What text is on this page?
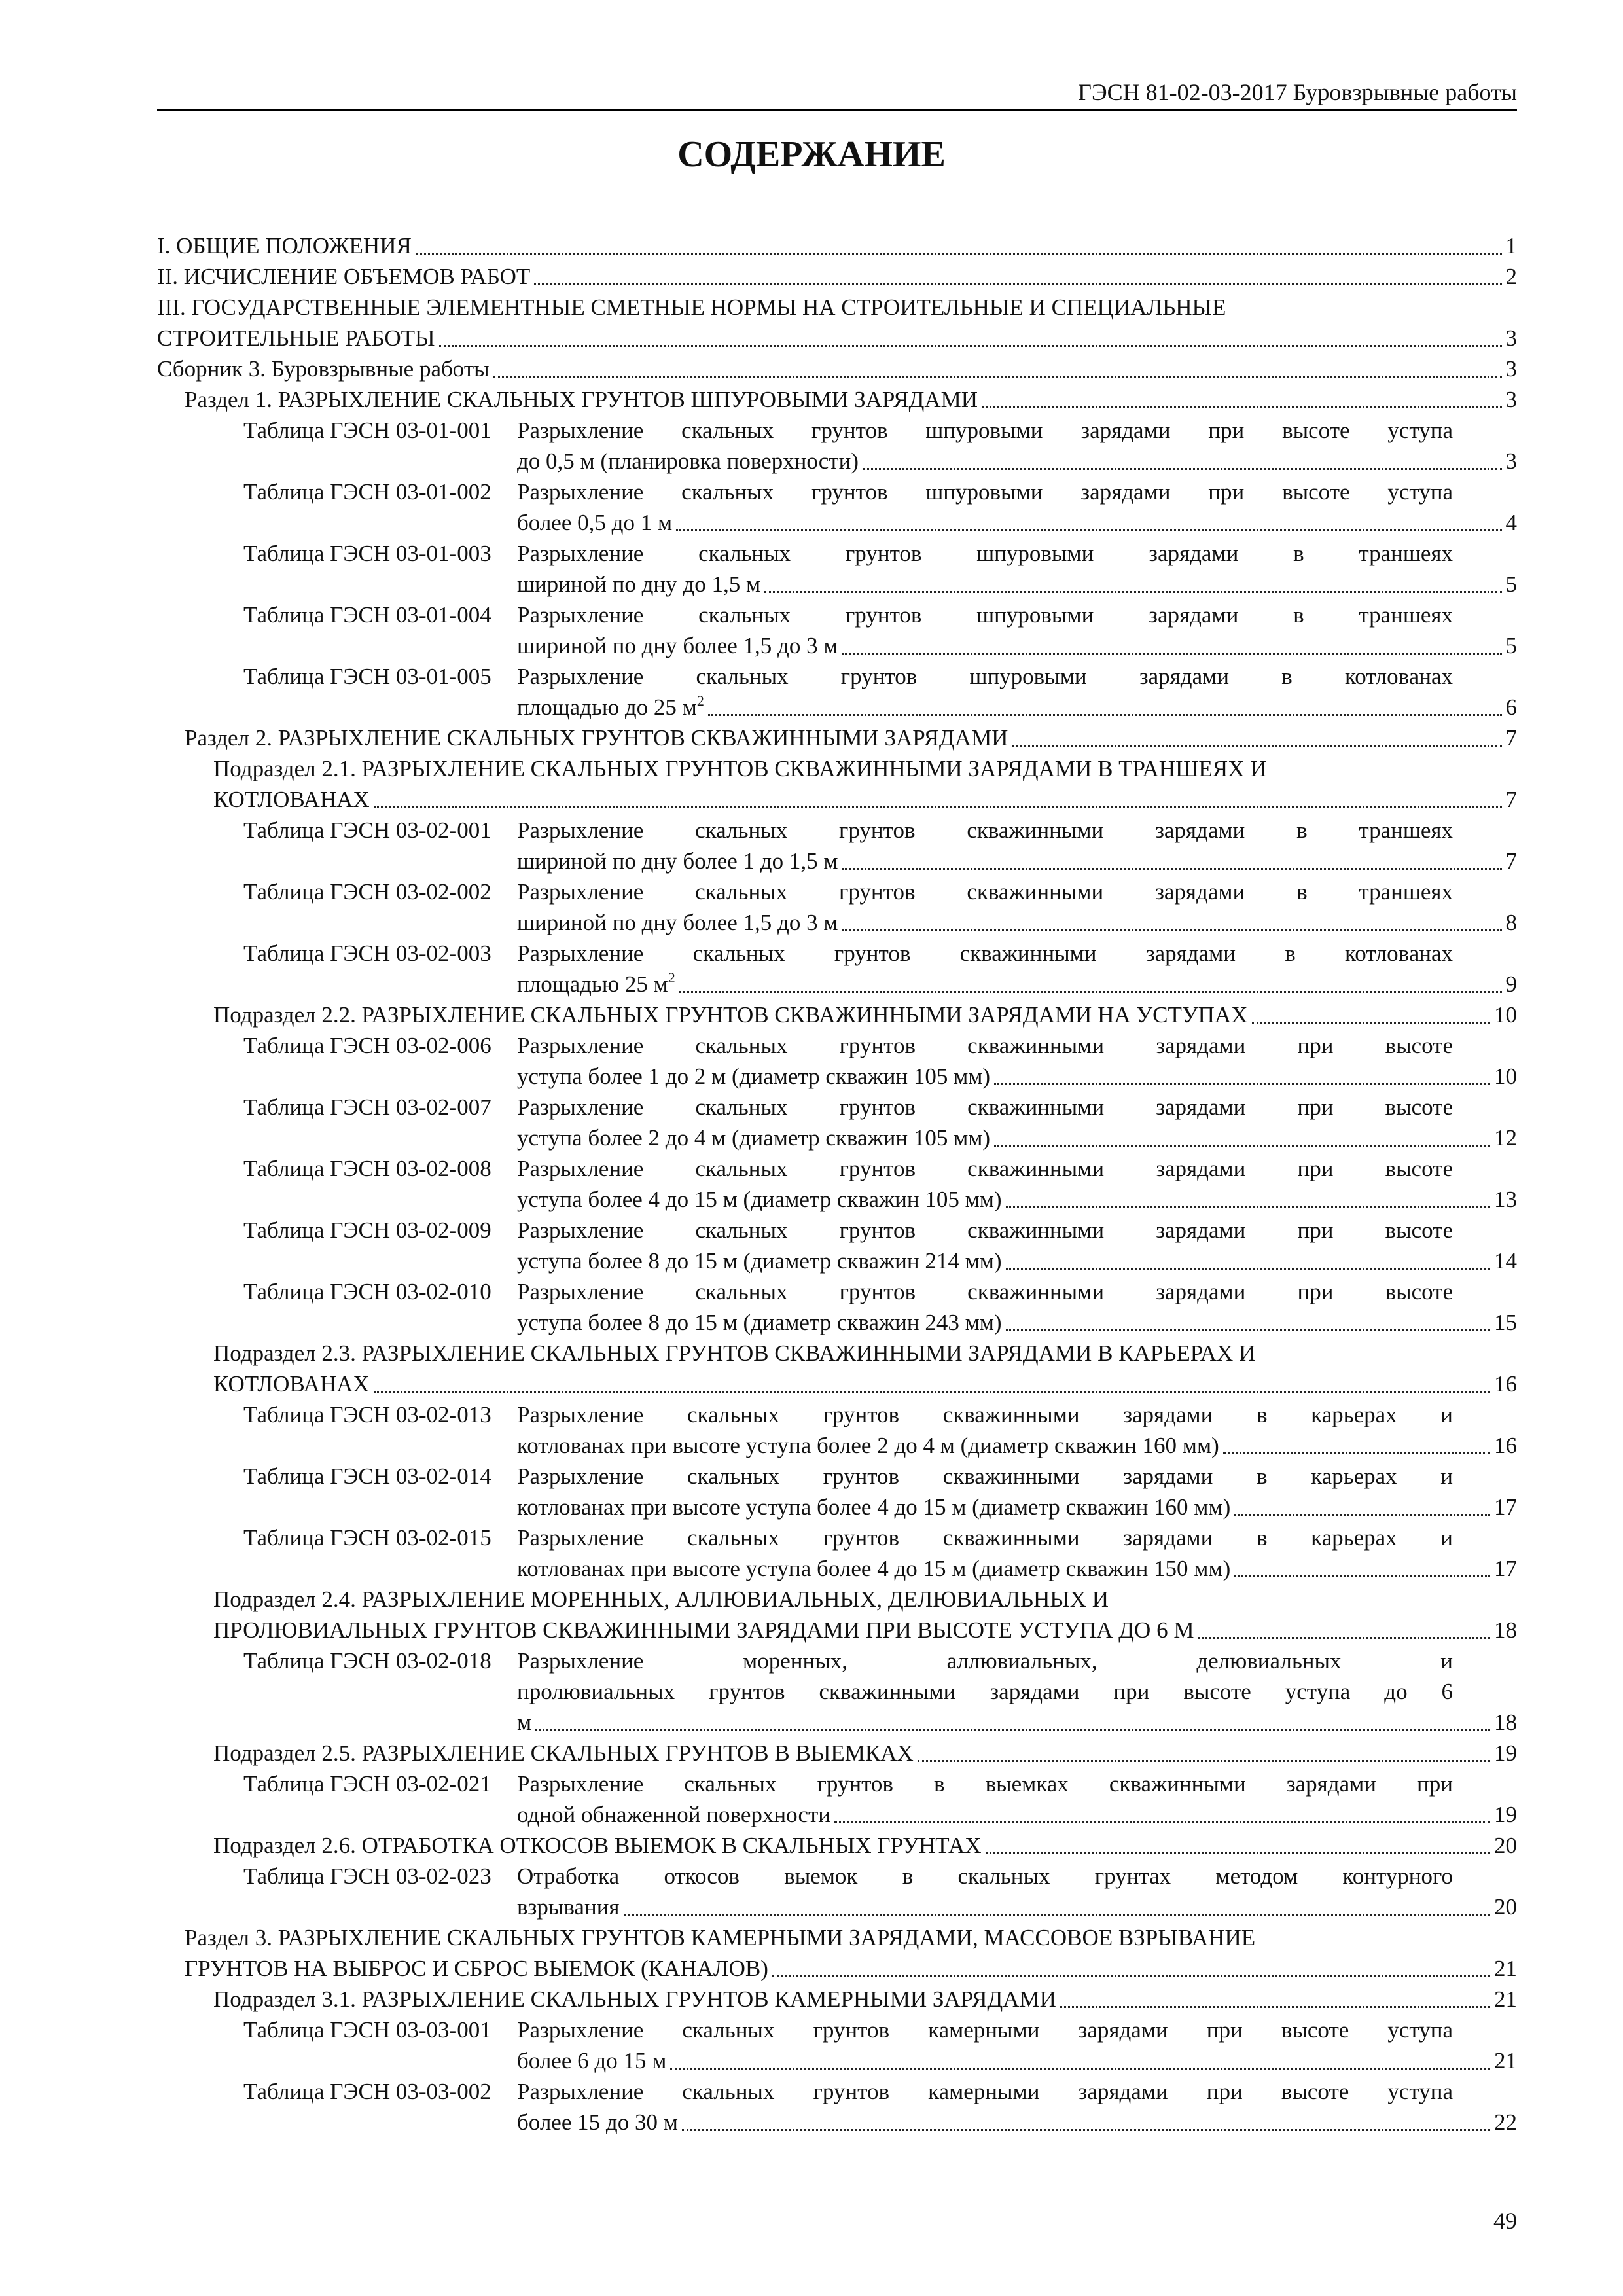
ГЭСН 81-02-03-2017 Буровзрывные работы
СОДЕРЖАНИЕ
I. ОБЩИЕ ПОЛОЖЕНИЯ	1
II. ИСЧИСЛЕНИЕ ОБЪЕМОВ РАБОТ	2
III. ГОСУДАРСТВЕННЫЕ ЭЛЕМЕНТНЫЕ СМЕТНЫЕ НОРМЫ НА СТРОИТЕЛЬНЫЕ И СПЕЦИАЛЬНЫЕ
СТРОИТЕЛЬНЫЕ РАБОТЫ	3
Сборник 3. Буровзрывные работы	3
Раздел 1. РАЗРЫХЛЕНИЕ СКАЛЬНЫХ ГРУНТОВ ШПУРОВЫМИ ЗАРЯДАМИ	3
Таблица ГЭСН 03-01-001	Разрыхление скальных грунтов шпуровыми зарядами при высоте уступа
до 0,5 м (планировка поверхности)	3
Таблица ГЭСН 03-01-002	Разрыхление скальных грунтов шпуровыми зарядами при высоте уступа
более 0,5 до 1 м	4
Таблица ГЭСН 03-01-003	Разрыхление скальных грунтов шпуровыми зарядами в траншеях
шириной по дну до 1,5 м	5
Таблица ГЭСН 03-01-004	Разрыхление скальных грунтов шпуровыми зарядами в траншеях
шириной по дну более 1,5 до 3 м	5
Таблица ГЭСН 03-01-005	Разрыхление скальных грунтов шпуровыми зарядами в котлованах
площадью до 25 $м^2$	6
Раздел 2. РАЗРЫХЛЕНИЕ СКАЛЬНЫХ ГРУНТОВ СКВАЖИННЫМИ ЗАРЯДАМИ	7
Подраздел 2.1. РАЗРЫХЛЕНИЕ СКАЛЬНЫХ ГРУНТОВ СКВАЖИННЫМИ ЗАРЯДАМИ В ТРАНШЕЯХ И
КОТЛОВАНАХ	7
Таблица ГЭСН 03-02-001	Разрыхление скальных грунтов скважинными зарядами в траншеях
шириной по дну более 1 до 1,5 м	7
Таблица ГЭСН 03-02-002	Разрыхление скальных грунтов скважинными зарядами в траншеях
шириной по дну более 1,5 до 3 м	8
Таблица ГЭСН 03-02-003	Разрыхление скальных грунтов скважинными зарядами в котлованах
площадью 25 $м^2$	9
Подраздел 2.2. РАЗРЫХЛЕНИЕ СКАЛЬНЫХ ГРУНТОВ СКВАЖИННЫМИ ЗАРЯДАМИ НА УСТУПАХ	10
Таблица ГЭСН 03-02-006	Разрыхление скальных грунтов скважинными зарядами при высоте
уступа более 1 до 2 м (диаметр скважин 105 мм)	10
Таблица ГЭСН 03-02-007	Разрыхление скальных грунтов скважинными зарядами при высоте
уступа более 2 до 4 м (диаметр скважин 105 мм)	12
Таблица ГЭСН 03-02-008	Разрыхление скальных грунтов скважинными зарядами при высоте
уступа более 4 до 15 м (диаметр скважин 105 мм)	13
Таблица ГЭСН 03-02-009	Разрыхление скальных грунтов скважинными зарядами при высоте
уступа более 8 до 15 м (диаметр скважин 214 мм)	14
Таблица ГЭСН 03-02-010	Разрыхление скальных грунтов скважинными зарядами при высоте
уступа более 8 до 15 м (диаметр скважин 243 мм)	15
Подраздел 2.3. РАЗРЫХЛЕНИЕ СКАЛЬНЫХ ГРУНТОВ СКВАЖИННЫМИ ЗАРЯДАМИ В КАРЬЕРАХ И
КОТЛОВАНАХ	16
Таблица ГЭСН 03-02-013	Разрыхление скальных грунтов скважинными зарядами в карьерах и
котлованах при высоте уступа более 2 до 4 м (диаметр скважин 160 мм)	16
Таблица ГЭСН 03-02-014	Разрыхление скальных грунтов скважинными зарядами в карьерах и
котлованах при высоте уступа более 4 до 15 м (диаметр скважин 160 мм)	17
Таблица ГЭСН 03-02-015	Разрыхление скальных грунтов скважинными зарядами в карьерах и
котлованах при высоте уступа более 4 до 15 м (диаметр скважин 150 мм)	17
Подраздел 2.4. РАЗРЫХЛЕНИЕ МОРЕННЫХ, АЛЛЮВИАЛЬНЫХ, ДЕЛЮВИАЛЬНЫХ И
ПРОЛЮВИАЛЬНЫХ ГРУНТОВ СКВАЖИННЫМИ ЗАРЯДАМИ ПРИ ВЫСОТЕ УСТУПА ДО 6 М	18
Таблица ГЭСН 03-02-018	Разрыхление моренных, аллювиальных, делювиальных и
пролювиальных грунтов скважинными зарядами при высоте уступа до 6
м	18
Подраздел 2.5. РАЗРЫХЛЕНИЕ СКАЛЬНЫХ ГРУНТОВ В ВЫЕМКАХ	19
Таблица ГЭСН 03-02-021	Разрыхление скальных грунтов в выемках скважинными зарядами при
одной обнаженной поверхности	19
Подраздел 2.6. ОТРАБОТКА ОТКОСОВ ВЫЕМОК В СКАЛЬНЫХ ГРУНТАХ	20
Таблица ГЭСН 03-02-023	Отработка откосов выемок в скальных грунтах методом контурного
взрывания	20
Раздел 3. РАЗРЫХЛЕНИЕ СКАЛЬНЫХ ГРУНТОВ КАМЕРНЫМИ ЗАРЯДАМИ, МАССОВОЕ ВЗРЫВАНИЕ
ГРУНТОВ НА ВЫБРОС И СБРОС ВЫЕМОК (КАНАЛОВ)	21
Подраздел 3.1. РАЗРЫХЛЕНИЕ СКАЛЬНЫХ ГРУНТОВ КАМЕРНЫМИ ЗАРЯДАМИ	21
Таблица ГЭСН 03-03-001	Разрыхление скальных грунтов камерными зарядами при высоте уступа
более 6 до 15 м	21
Таблица ГЭСН 03-03-002	Разрыхление скальных грунтов камерными зарядами при высоте уступа
более 15 до 30 м	22
49
